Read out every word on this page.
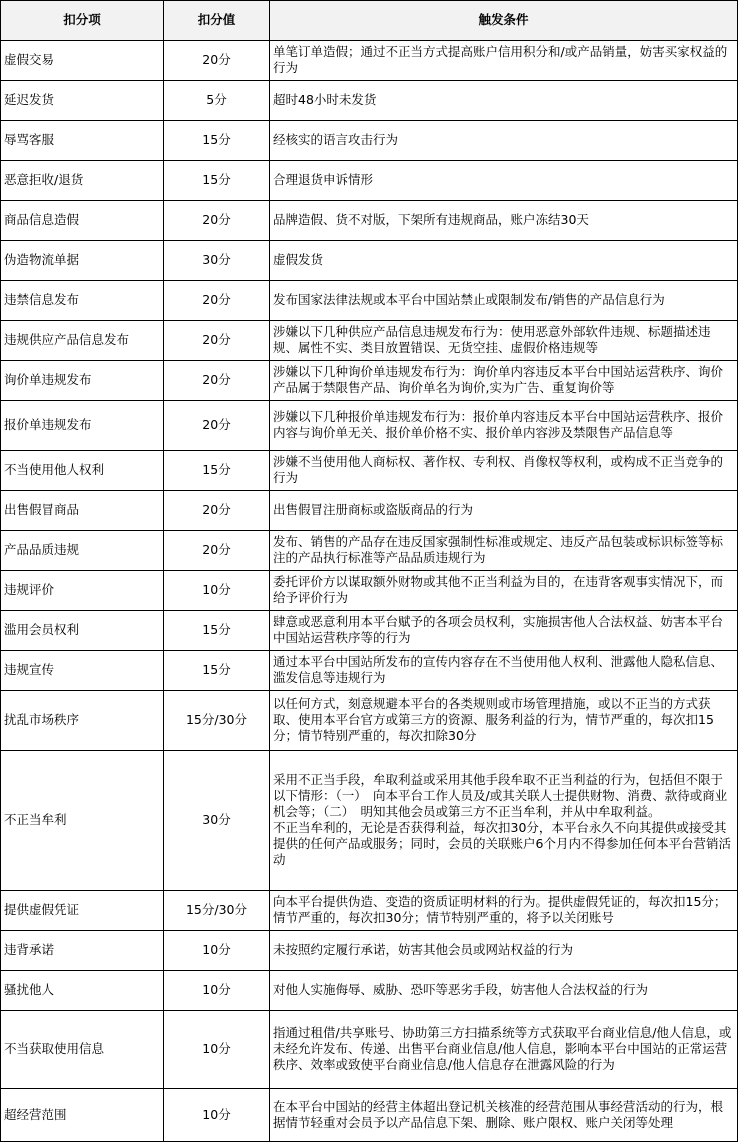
扣分项	扣分值	触发条件
虚假交易	20分	单笔订单造假；通过不正当方式提高账户信用积分和/或产品销量，妨害买家权益的行为

延迟发货	5分	超时48小时未发货

辱骂客服	15分	经核实的语言攻击行为

恶意拒收/退货	15分	合理退货申诉情形

商品信息造假	20分	品牌造假、货不对版，下架所有违规商品，账户冻结30天

伪造物流单据	30分	虚假发货

违禁信息发布	20分	发布国家法律法规或本平台中国站禁止或限制发布/销售的产品信息行为

违规供应产品信息发布	20分	涉嫌以下几种供应产品信息违规发布行为：使用恶意外部软件违规、标题描述违规、属性不实、类目放置错误、无货空挂、虚假价格违规等

询价单违规发布	20分	涉嫌以下几种询价单违规发布行为：询价单内容违反本平台中国站运营秩序、询价产品属于禁限售产品、询价单名为询价,实为广告、重复询价等

报价单违规发布	20分	涉嫌以下几种报价单违规发布行为：报价单内容违反本平台中国站运营秩序、报价内容与询价单无关、报价单价格不实、报价单内容涉及禁限售产品信息等

不当使用他人权利	15分	涉嫌不当使用他人商标权、著作权、专利权、肖像权等权利，或构成不正当竞争的行为

出售假冒商品	20分	出售假冒注册商标或盗版商品的行为

产品品质违规	20分	发布、销售的产品存在违反国家强制性标准或规定、违反产品包装或标识标签等标注的产品执行标准等产品品质违规行为

违规评价	10分	委托评价方以谋取额外财物或其他不正当利益为目的，在违背客观事实情况下，而给予评价行为

滥用会员权利	15分	肆意或恶意利用本平台赋予的各项会员权利，实施损害他人合法权益、妨害本平台中国站运营秩序等的行为

违规宣传	15分	通过本平台中国站所发布的宣传内容存在不当使用他人权利、泄露他人隐私信息、滥发信息等违规行为

扰乱市场秩序	15分/30分	以任何方式，刻意规避本平台的各类规则或市场管理措施，或以不正当的方式获取、使用本平台官方或第三方的资源、服务利益的行为，情节严重的，每次扣15分；情节特别严重的，每次扣除30分

不正当牟利	30分	采用不正当手段，牟取利益或采用其他手段牟取不正当利益的行为，包括但不限于以下情形：（一）　向本平台工作人员及/或其关联人士提供财物、消费、款待或商业机会等；（二）　明知其他会员或第三方不正当牟利，并从中牟取利益。
不正当牟利的，无论是否获得利益，每次扣30分，本平台永久不向其提供或接受其提供的任何产品或服务；同时，会员的关联账户6个月内不得参加任何本平台营销活动

提供虚假凭证	15分/30分	向本平台提供伪造、变造的资质证明材料的行为。提供虚假凭证的，每次扣15分；情节严重的，每次扣30分；情节特别严重的，将予以关闭账号

违背承诺	10分	未按照约定履行承诺，妨害其他会员或网站权益的行为

骚扰他人	10分	对他人实施侮辱、威胁、恐吓等恶劣手段，妨害他人合法权益的行为

不当获取使用信息	10分	指通过租借/共享账号、协助第三方扫描系统等方式获取平台商业信息/他人信息，或未经允许发布、传递、出售平台商业信息/他人信息，影响本平台中国站的正常运营秩序、效率或致使平台商业信息/他人信息存在泄露风险的行为

超经营范围	10分	在本平台中国站的经营主体超出登记机关核准的经营范围从事经营活动的行为，根据情节轻重对会员予以产品信息下架、删除、账户限权、账户关闭等处理
